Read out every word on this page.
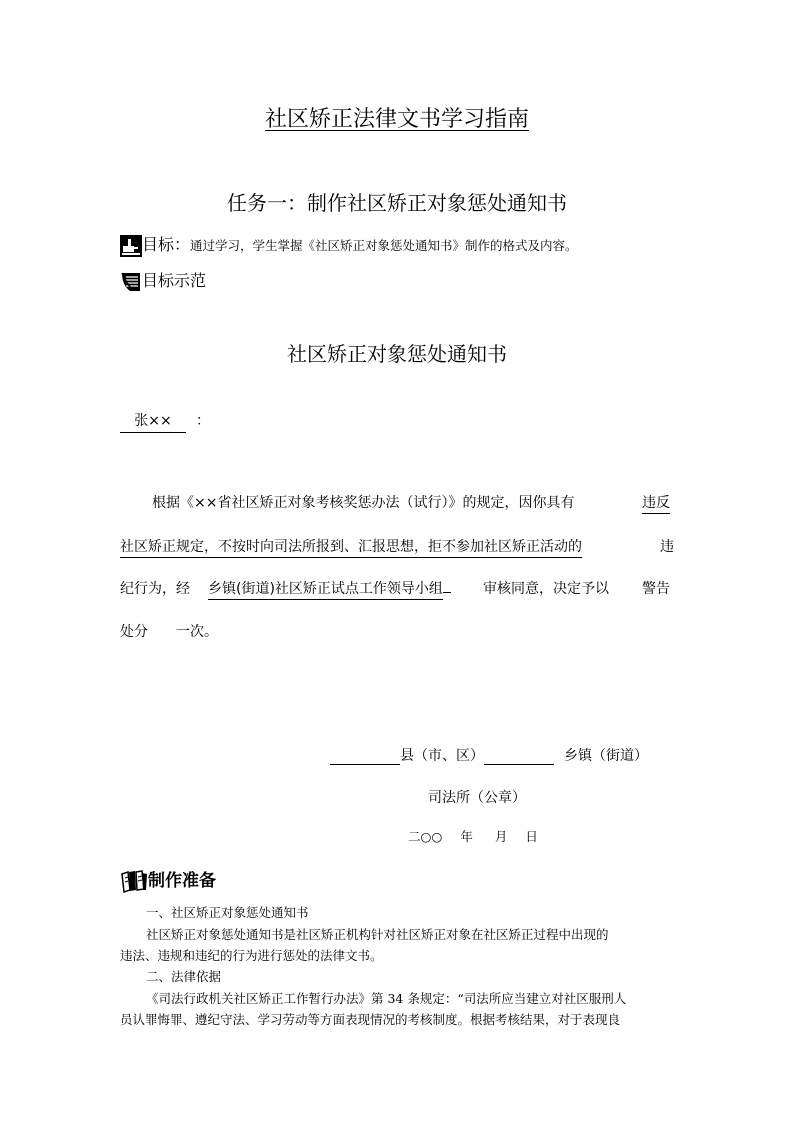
社区矫正法律文书学习指南
任务一：制作社区矫正对象惩处通知书
目标：通过学习，学生掌握《社区矫正对象惩处通知书》制作的格式及内容。
目标示范
社区矫正对象惩处通知书
张×× ：
根据《××省社区矫正对象考核奖惩办法（试行）》的规定，因你具有	违反
社区矫正规定，不按时向司法所报到、汇报思想，拒不参加社区矫正活动的	违
纪行为，经 乡镇(街道)社区矫正试点工作领导小组	审核同意，决定予以 警告
处分 一次。
县（市、区）	乡镇（街道）
司法所（公章）
二○○ 年 月 日
制作准备
一、社区矫正对象惩处通知书
社区矫正对象惩处通知书是社区矫正机构针对社区矫正对象在社区矫正过程中出现的
违法、违规和违纪的行为进行惩处的法律文书。
二、法律依据
《司法行政机关社区矫正工作暂行办法》第 34 条规定：“司法所应当建立对社区服刑人
员认罪悔罪、遵纪守法、学习劳动等方面表现情况的考核制度。根据考核结果，对于表现良
